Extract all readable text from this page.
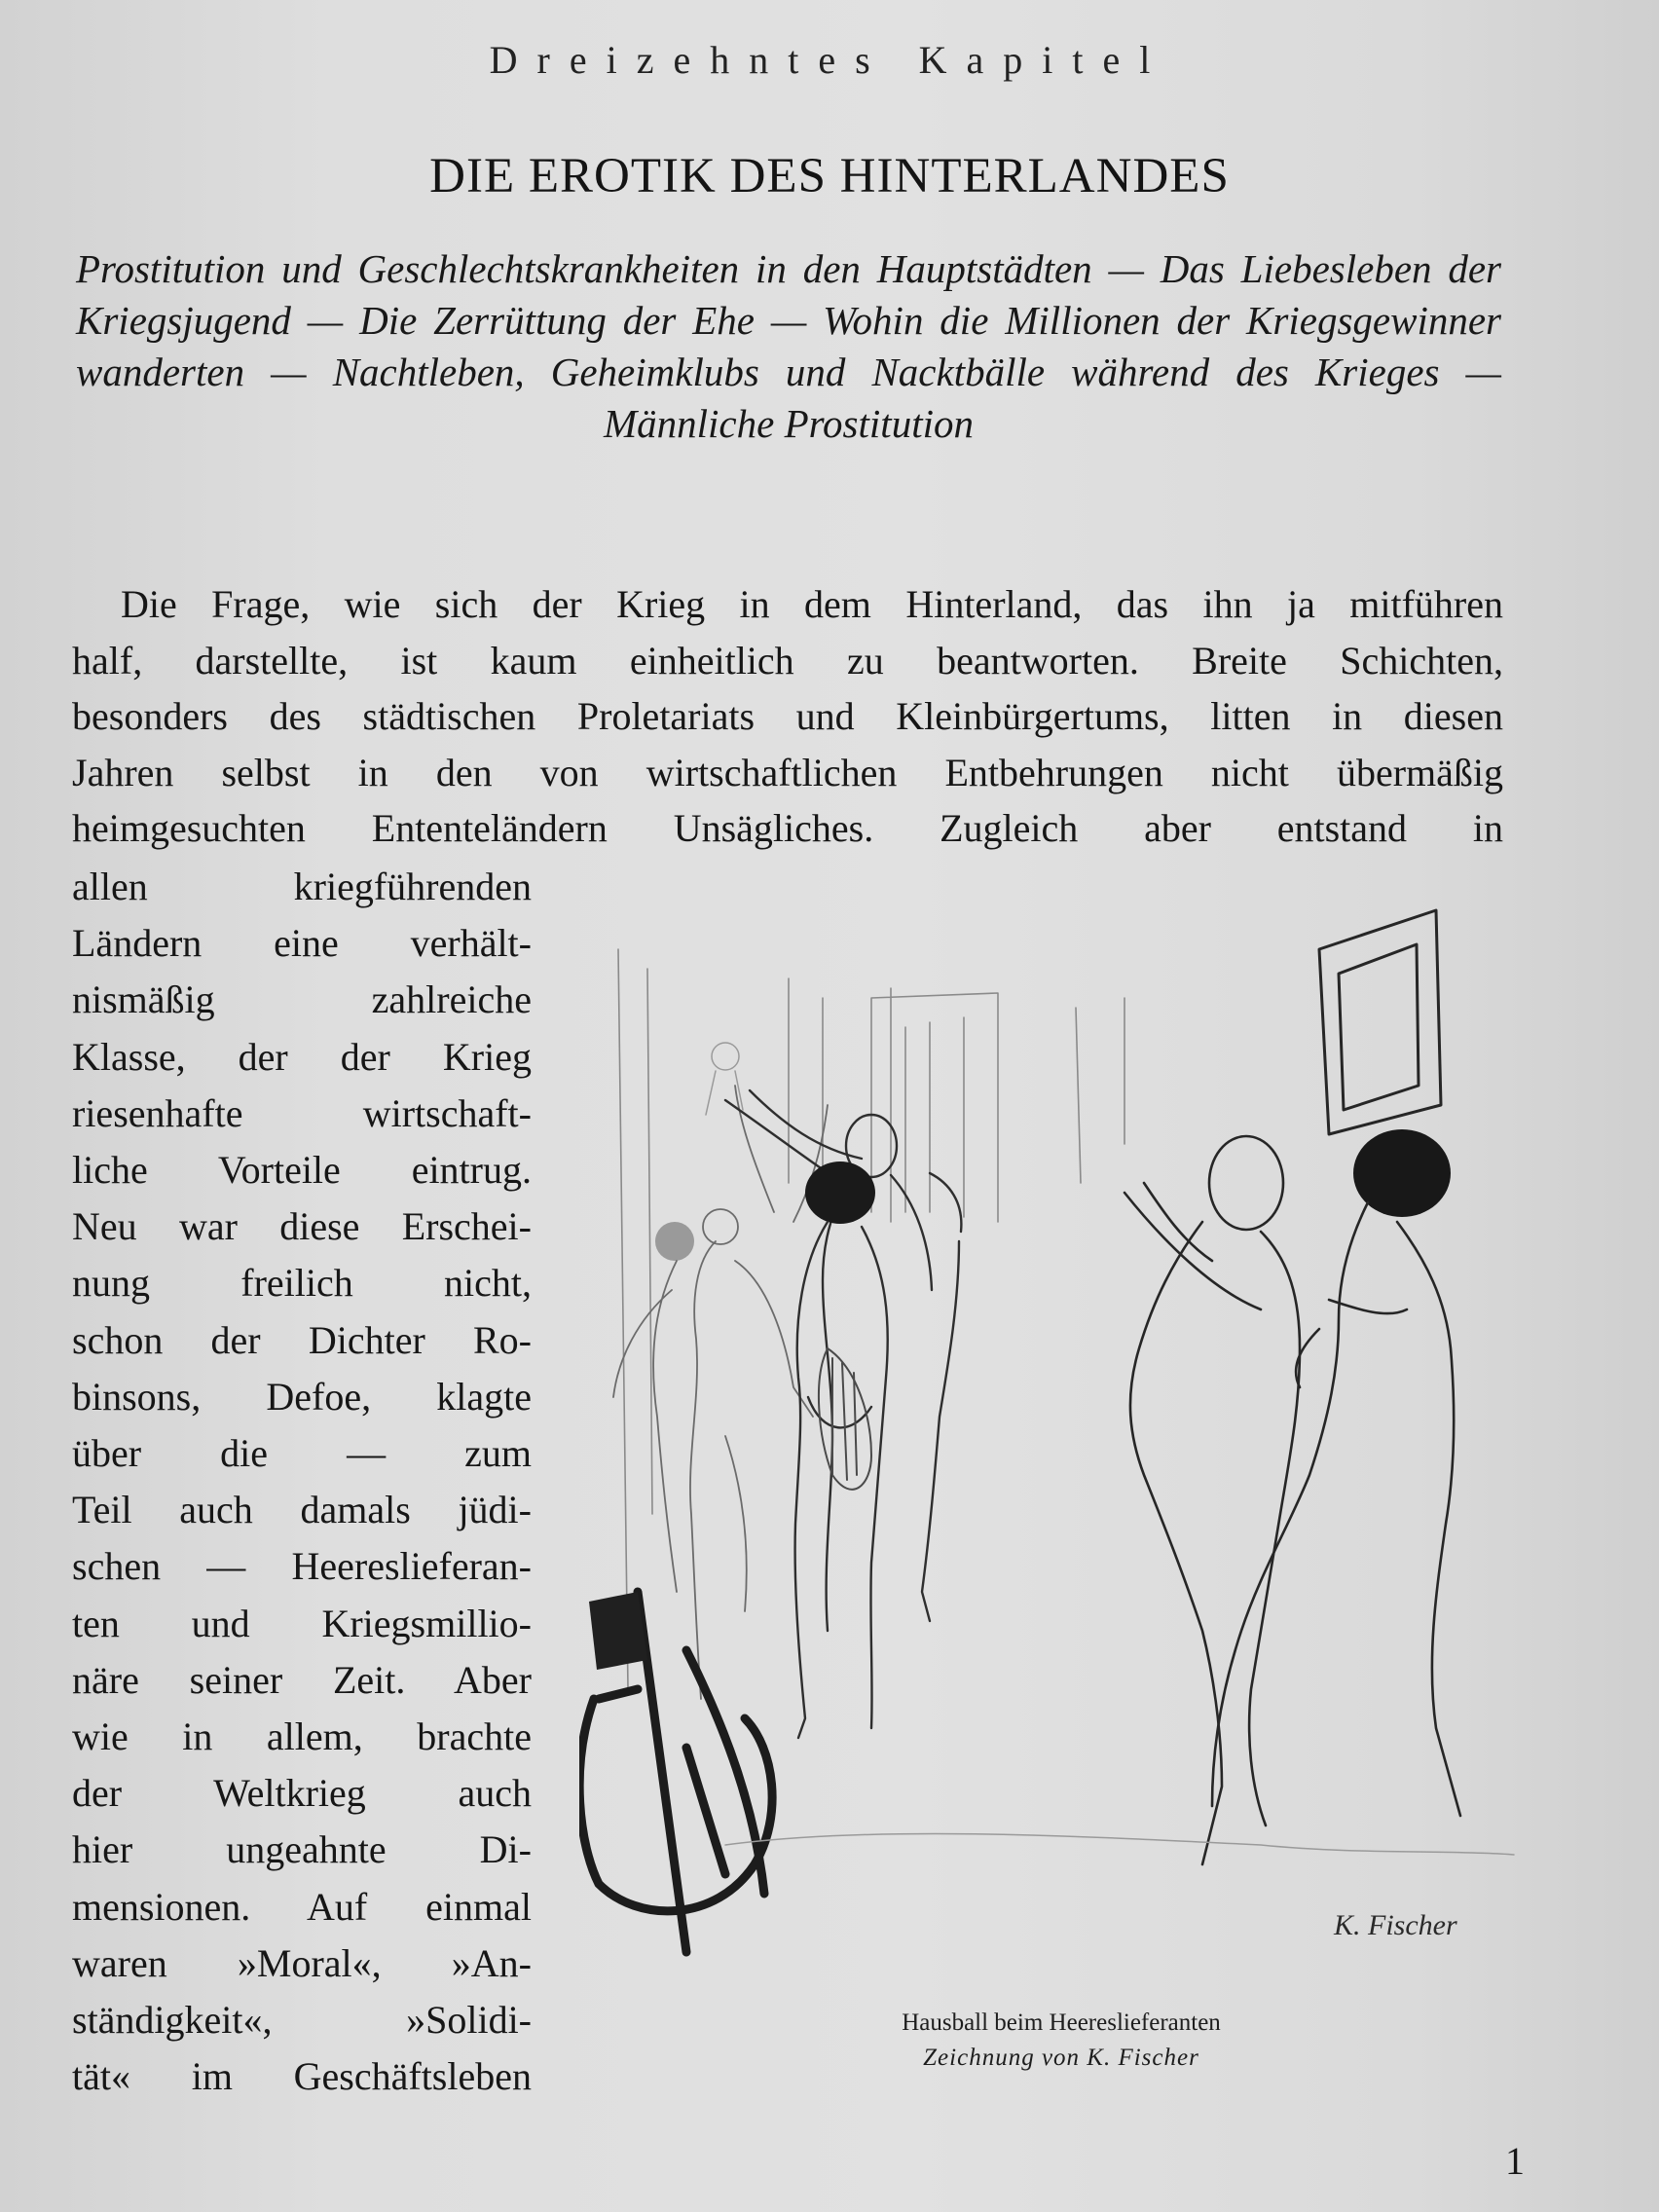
Dreizehntes Kapitel
DIE EROTIK DES HINTERLANDES
Prostitution und Geschlechtskrankheiten in den Hauptstädten — Das Liebesleben der Kriegsjugend — Die Zerrüttung der Ehe — Wohin die Millionen der Kriegsgewinner wanderten — Nachtleben, Geheimklubs und Nacktbälle während des Krieges — Männliche Prostitution
Die Frage, wie sich der Krieg in dem Hinterland, das ihn ja mitführen
half, darstellte, ist kaum einheitlich zu beantworten. Breite Schichten,
besonders des städtischen Proletariats und Kleinbürgertums, litten in diesen
Jahren selbst in den von wirtschaftlichen Entbehrungen nicht übermäßig
heimgesuchten Ententeländern Unsägliches. Zugleich aber entstand in
allen kriegführenden
Ländern eine verhält-
nismäßig zahlreiche
Klasse, der der Krieg
riesenhafte wirtschaft-
liche Vorteile eintrug.
Neu war diese Erschei-
nung freilich nicht,
schon der Dichter Ro-
binsons, Defoe, klagte
über die — zum
Teil auch damals jüdi-
schen — Heereslieferan-
ten und Kriegsmillio-
näre seiner Zeit. Aber
wie in allem, brachte
der Weltkrieg auch
hier ungeahnte Di-
mensionen. Auf einmal
waren »Moral«, »An-
ständigkeit«, »Solidi-
tät« im Geschäftsleben
K. Fischer
Hausball beim Heereslieferanten
Zeichnung von K. Fischer
1
